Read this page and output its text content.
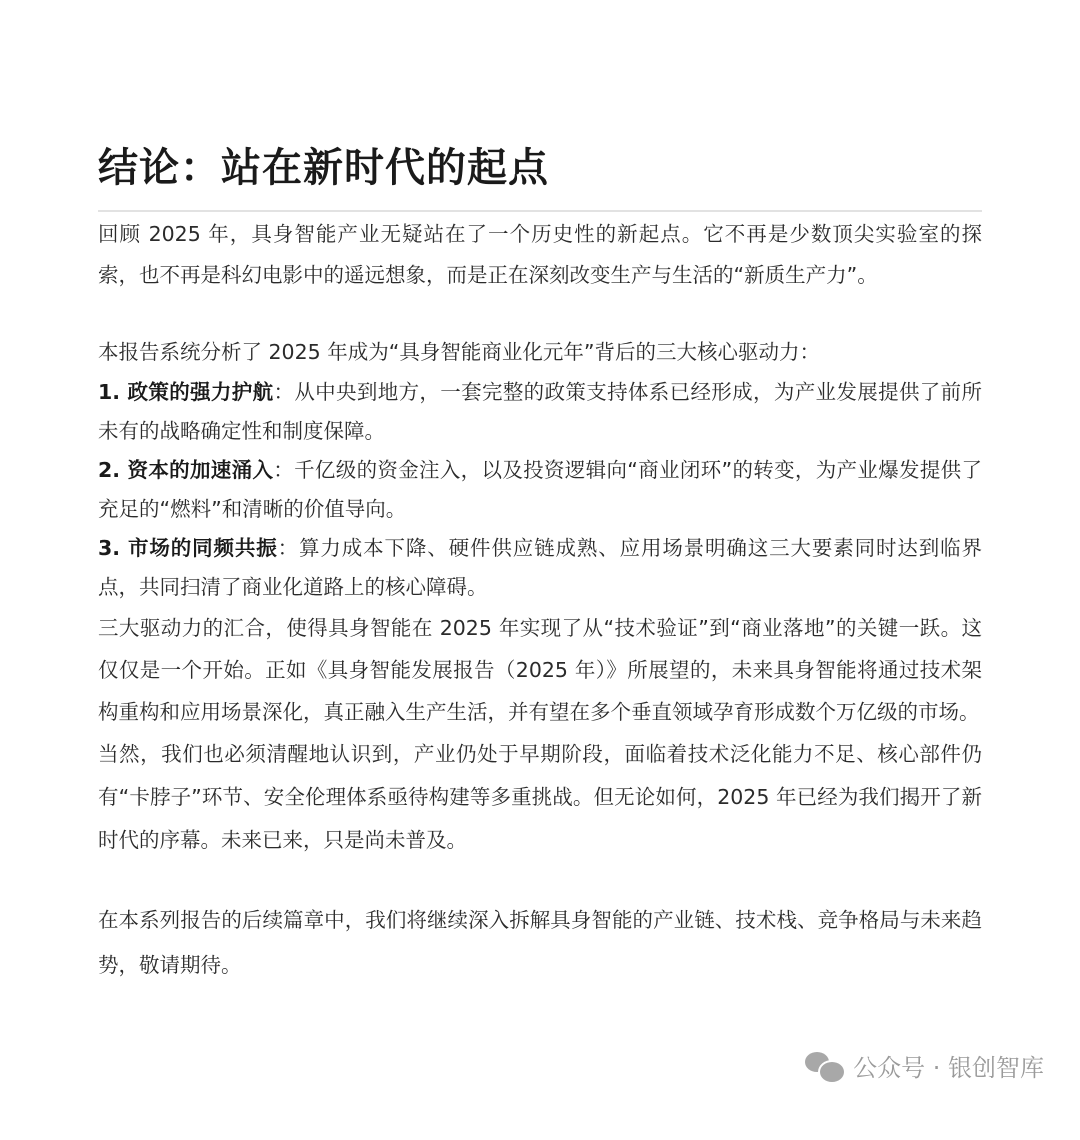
结论：站在新时代的起点

回顾 2025 年，具身智能产业无疑站在了一个历史性的新起点。它不再是少数顶尖实验室的探索，也不再是科幻电影中的遥远想象，而是正在深刻改变生产与生活的“新质生产力”。

本报告系统分析了 2025 年成为“具身智能商业化元年”背后的三大核心驱动力：

1. 政策的强力护航：从中央到地方，一套完整的政策支持体系已经形成，为产业发展提供了前所未有的战略确定性和制度保障。

2. 资本的加速涌入：千亿级的资金注入，以及投资逻辑向“商业闭环”的转变，为产业爆发提供了充足的“燃料”和清晰的价值导向。

3. 市场的同频共振：算力成本下降、硬件供应链成熟、应用场景明确这三大要素同时达到临界点，共同扫清了商业化道路上的核心障碍。

三大驱动力的汇合，使得具身智能在 2025 年实现了从“技术验证”到“商业落地”的关键一跃。这仅仅是一个开始。正如《具身智能发展报告（2025 年）》所展望的，未来具身智能将通过技术架构重构和应用场景深化，真正融入生产生活，并有望在多个垂直领域孕育形成数个万亿级的市场。

当然，我们也必须清醒地认识到，产业仍处于早期阶段，面临着技术泛化能力不足、核心部件仍有“卡脖子”环节、安全伦理体系亟待构建等多重挑战。但无论如何，2025 年已经为我们揭开了新时代的序幕。未来已来，只是尚未普及。

在本系列报告的后续篇章中，我们将继续深入拆解具身智能的产业链、技术栈、竞争格局与未来趋势，敬请期待。

公众号 · 银创智库
